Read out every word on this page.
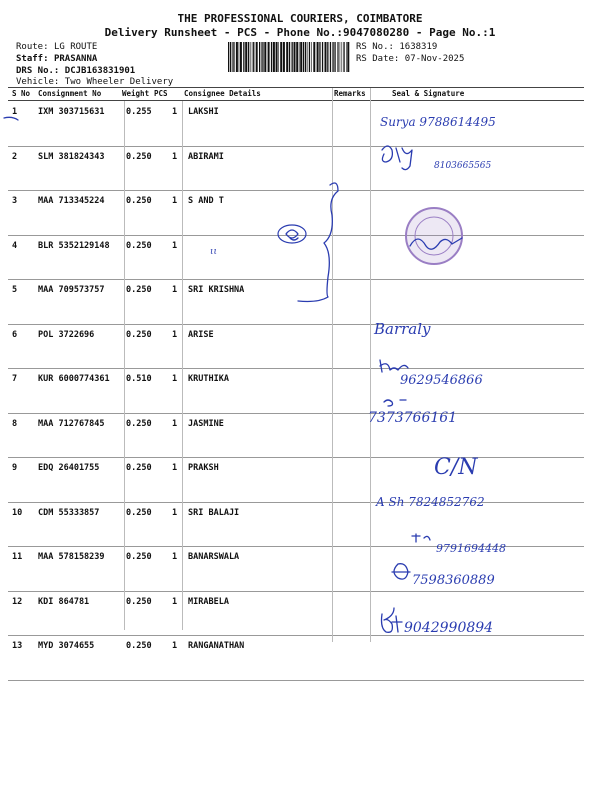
THE PROFESSIONAL COURIERS, COIMBATORE
Delivery Runsheet - PCS - Phone No.:9047080280 - Page No.:1
Route: LG ROUTE
Staff: PRASANNA
DRS No.: DCJB163831901
Vehicle: Two Wheeler Delivery
RS No.: 1638319
RS Date: 07-Nov-2025
S No Consignment No	Weight PCS Consignee Details	Remarks	Seal & Signature
1 IXM 303715631	0.255 1 LAKSHI
2 SLM 381824343	0.250 1 ABIRAMI
3 MAA 713345224	0.250 1 S AND T
4 BLR 5352129148 0.250 1
5 MAA 709573757	0.250 1 SRI KRISHNA
6 POL 3722696	0.250 1 ARISE
7 KUR 6000774361 0.510 1 KRUTHIKA
8 MAA 712767845	0.250 1 JASMINE
9 EDQ 26401755	0.250 1 PRAKSH
10 CDM 55333857	0.250 1 SRI BALAJI
11 MAA 578158239	0.250 1 BANARSWALA
12 KDI 864781	0.250 1 MIRABELA
13 MYD 3074655	0.250 1 RANGANATHAN
Surya 9788614495
8103665565
ιι
Barraly
9629546866
7373766161
C/N
A Sh 7824852762
9791694448
7598360889
9042990894
